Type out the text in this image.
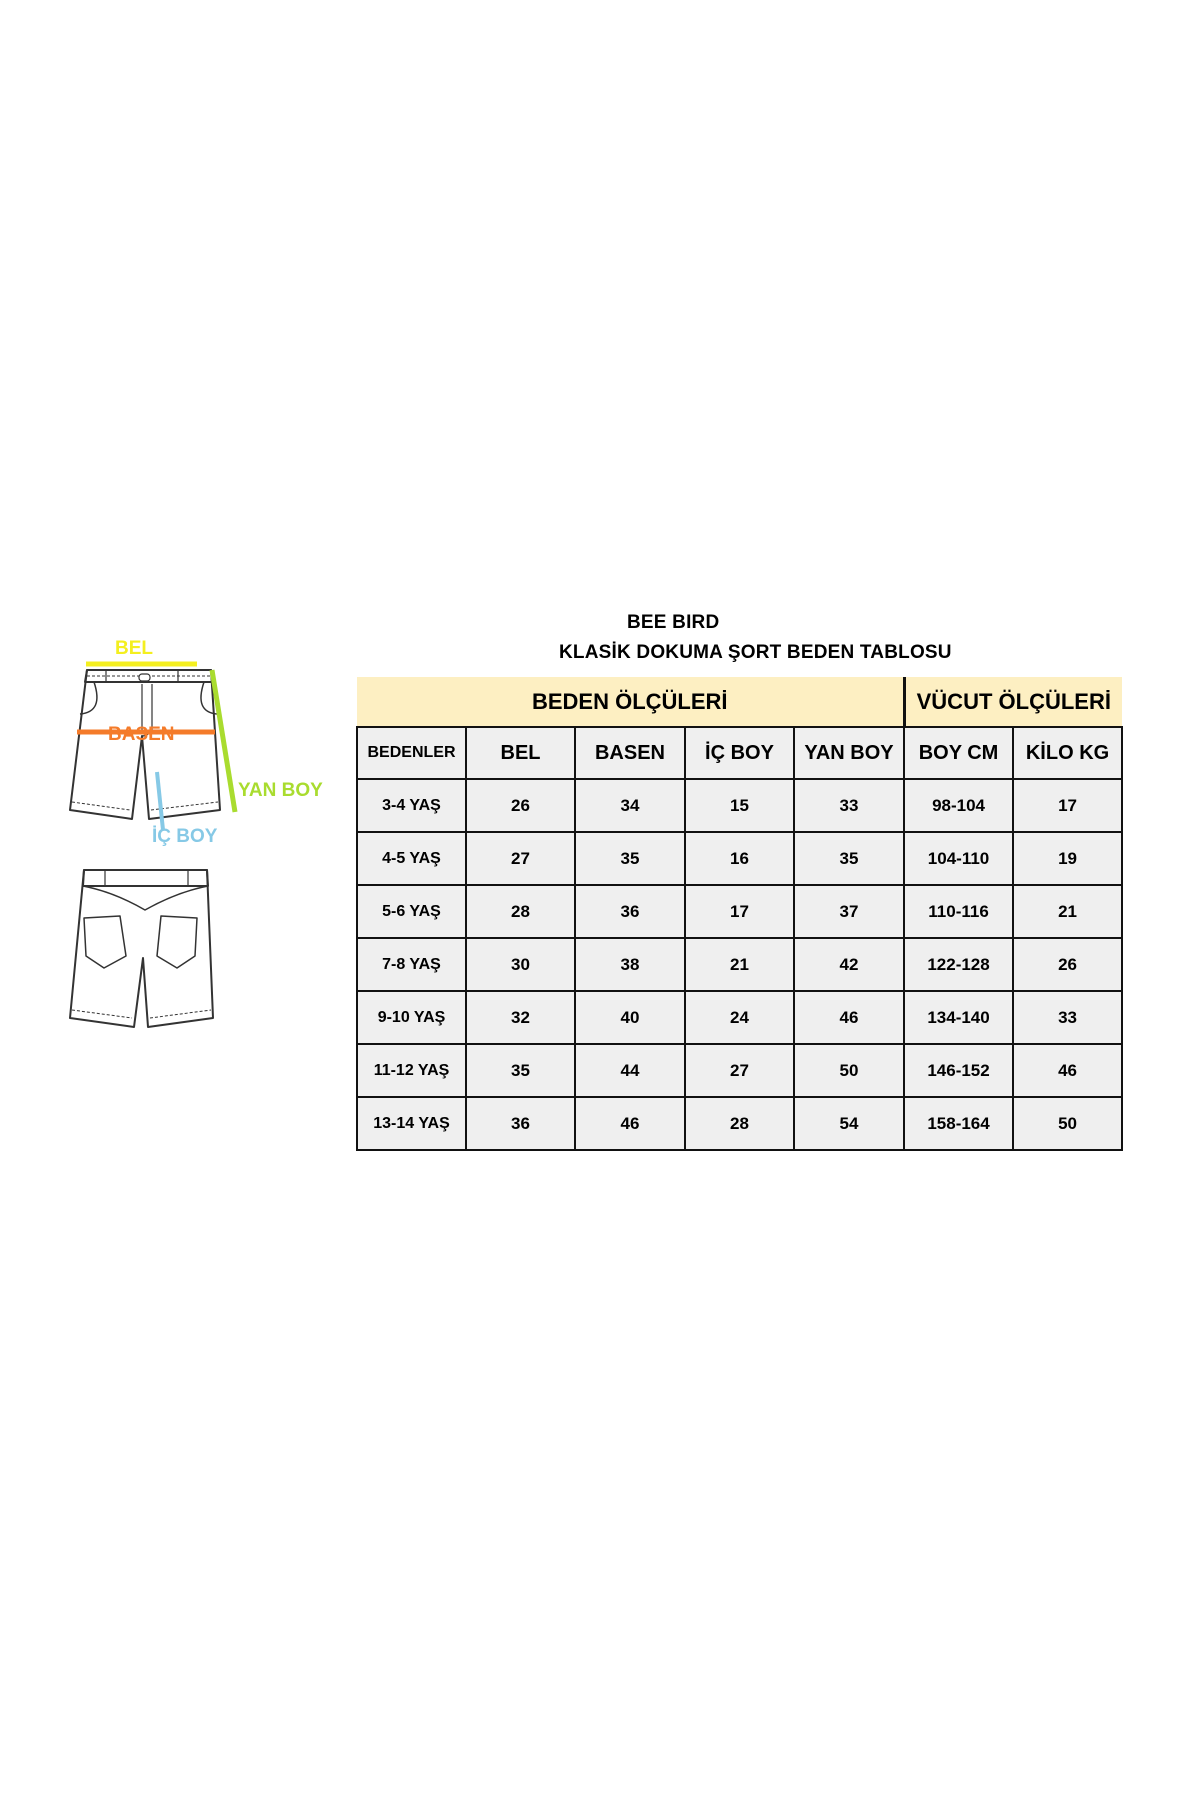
BEE BIRD
KLASİK DOKUMA ŞORT BEDEN TABLOSU
BEL
BASEN
YAN BOY
İÇ BOY
BEDEN ÖLÇÜLERİ					VÜCUT ÖLÇÜLERİ	
BEDENLER	BEL	BASEN	İÇ BOY	YAN BOY	BOY CM	KİLO KG
3-4 YAŞ	26	34	15	33	98-104	17
4-5 YAŞ	27	35	16	35	104-110	19
5-6 YAŞ	28	36	17	37	110-116	21
7-8 YAŞ	30	38	21	42	122-128	26
9-10 YAŞ	32	40	24	46	134-140	33
11-12 YAŞ	35	44	27	50	146-152	46
13-14 YAŞ	36	46	28	54	158-164	50
